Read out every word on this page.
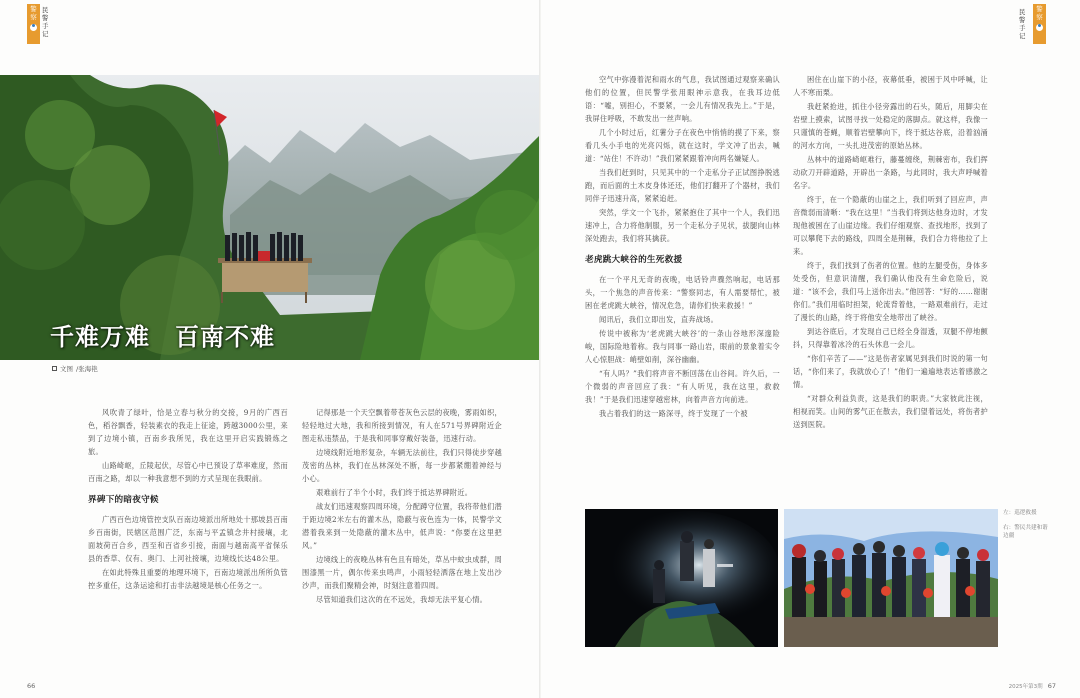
警察
民警手记
民警手记
警察
千难万难　百南不难
文图 /张海艳

风吹青了绿叶，恰是立春与秋分的交接，9月的广西百色，稻谷飘香，轻装素衣的我走上征途，跨越3000公里，来到了边境小镇，百南乡我所见，我在这里开启实践锻炼之旅。

山路崎岖，丘陵起伏，尽管心中已预设了草率难度，然而百南之路，却以一种我意想不到的方式呈现在我眼前。

界碑下的暗夜守候

广西百色边境管控支队百南边境派出所地处十那坡县百南乡百南街，民辖区范围广泛，东南与平孟镇念井村接壤，北面坡荷百合乡，西至和百省乡引接，南面与越南高平省保乐县的香草、仅有、奥门、上河社接壤，边境线长达48公里。

在如此特殊且重要的地理环境下，百南边境派出所所负管控多重任，这条运途和打击非法越境是核心任务之一。

记得那是一个天空飘着带苍灰色云层的夜晚，雾雨如织，轻轻地过大地，我和所接到情况，有人在571号界碑附近企图走私违禁品，于是我和同事穿戴好装备，迅速行动。

边境线附近地形复杂，车辆无法前往，我们只得徒步穿越茂密的丛林，我们在丛林深处不断，每一步都紧绷着神经与小心。

艰难前行了半个小时，我们终于抵达界碑附近。

战友们迅速观察四周环境，分配蹲守位置，我将带他们潜于距边境2米左右的灌木丛，隐蔽与夜色连为一体，民警学文潜着我来到一处隐蔽的灌木丛中，低声说：“你要在这里把风。”

边境线上的夜晚丛林有色且有暗处，草丛中蚊虫成群，周围漆黑一片，偶尔传来虫鸣声，小雨轻轻洒落在地上发出沙沙声，而我们聚精会神，时刻注意着四周。

尽管知道我们这次的在不远处，我却无法平复心情。

空气中弥漫着泥和雨水的气息，我试图通过观察来确认他们的位置，但民警学张用眼神示意我，在我耳边低语：“嘘，别担心，不要紧，一会儿有情况我先上。”于是，我屏住呼吸，不敢发出一丝声响。

几个小时过后，红薯分子在夜色中悄悄的摸了下来，察看几头小手电的光亮闪烁，就在这时，学文冲了出去，喊道：“站住！不许动！”我们紧紧跟着冲向两名嫌疑人。

当我们赶到时，只见其中的一个走私分子正试图挣脱逃跑，而后面的土木皮身体还还，他们打翻开了个器材，我们同伴子迅速升高，紧紧追赶。

突然，学文一个飞扑，紧紧抱住了其中一个人，我们迅速冲上，合力将他制服，另一个走私分子见状，拔腿向山林深处跑去，我们将其擒获。

老虎跳大峡谷的生死救援

在一个平凡无奇的夜晚，电话铃声骤然响起，电话那头，一个焦急的声音传来：“警察同志，有人需要帮忙，被困在老虎跳大峡谷，情况危急，请你们快来救援！”

闻讯后，我们立即出发，直奔战场。

传说中被称为‘老虎跳大峡谷’的一条山谷地形深邃险峻，国际险地着称。我与同事一路山岩，眼前的景象着实令人心惊胆战：峭壁如削，深谷幽幽。

“有人吗？”我们将声音不断回荡在山谷间。许久后，一个微弱的声音回应了我：“有人听见，我在这里，救救我！”于是我们迅速穿越密林，向着声音方向前进。

我占着我们的这一路深寻，终于发现了一个被

困住在山崖下的小径，夜幕低垂，被困于风中呼喊，让人不寒而栗。

我赶紧抢进，抓住小径旁露出的石头，随后，用脚尖在岩壁上摸索，试图寻找一处稳定的落脚点。就这样，我像一只谨慎的苍蝇，顺着岩壁攀向下，终于抵达谷底，沿着汹涌的河水方向，一头扎进茂密的原始丛林。

丛林中的道路崎岖难行，藤蔓缠绕，荆棘密布，我们挥动砍刀开辟道路，开辟出一条路，与此同时，我大声呼喊着名字。

终于，在一个隐蔽的山崖之上，我们听到了回应声，声音微弱而清晰：“我在这里！”当我们将到达他身边时，才发现他被困在了山崖边缘。我们仔细观察、查找地形，找到了可以攀爬下去的路线，四周全是荆棘，我们合力将他拉了上来。

终于，我们找到了伤者的位置。他的左腿受伤，身体多处受伤，但意识清醒，我们确认他没有生命危险后，说道：“该不会，我们马上送你出去。”他回答：“好的……谢谢你们。”我们用临时担架，轮流背着他，一路艰难前行，走过了漫长的山路，终于将他安全地带出了峡谷。

到达谷底后，才发现自己已经全身湿透，双腿不停地颤抖，只得靠着冰冷的石头休息一会儿。

“你们辛苦了——”这是伤者家属见到我们时说的第一句话，“你们来了，我就放心了！”他们一遍遍地表达着感激之情。

“对群众利益负责，这是我们的职责。”大家彼此注视，相视而笑。山间的雾气正在散去，我们望着远处，将伤者护送到医院。

左：巡逻救援
右：警民共建和谐边疆
66	2025年第3期 67
